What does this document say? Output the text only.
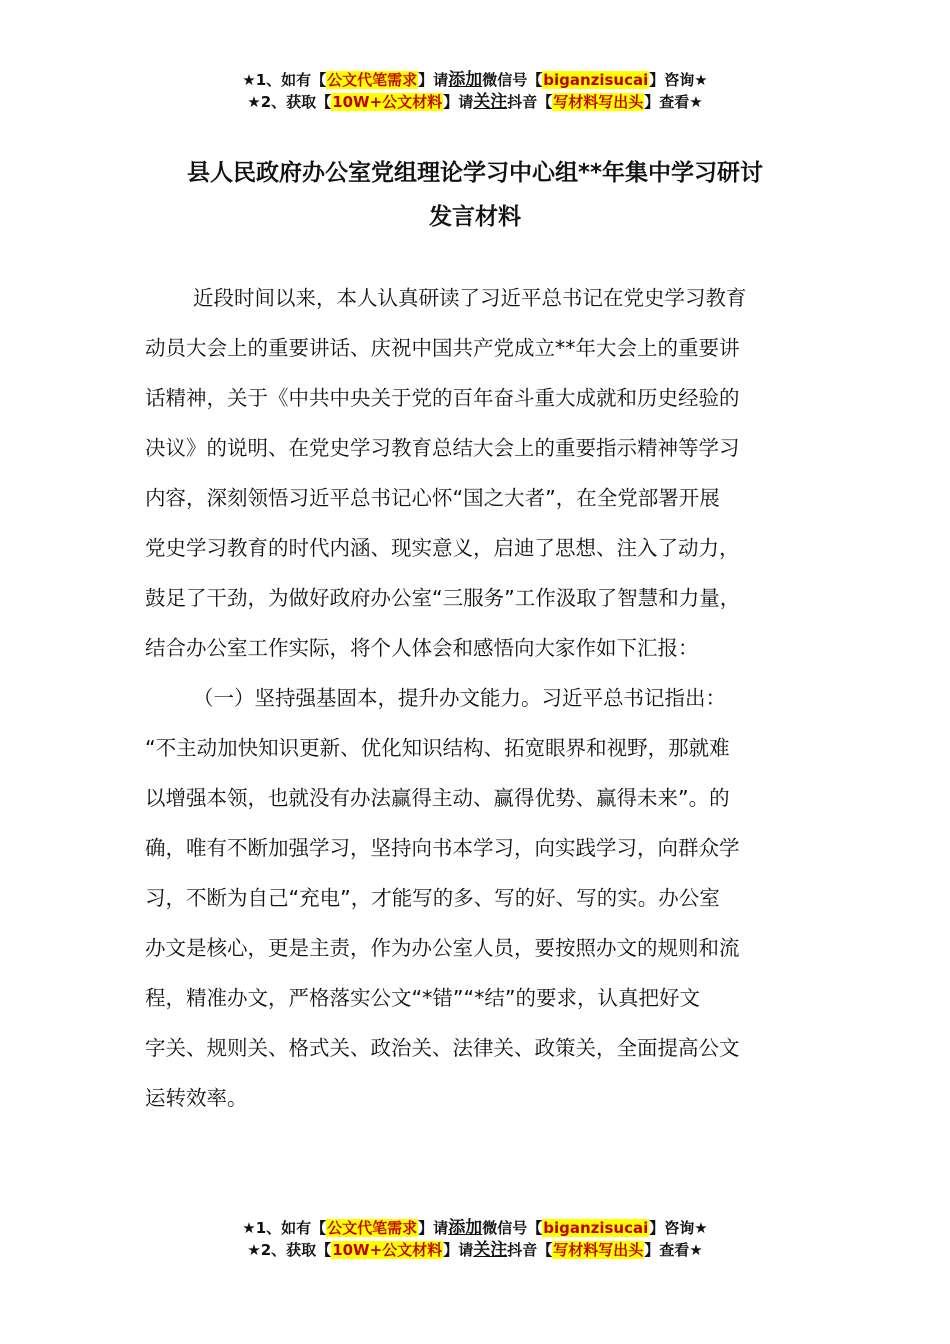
★1、如有【公文代笔需求】请添加微信号【biganzisucai】咨询★
★2、获取【10W+公文材料】请关注抖音【写材料写出头】查看★
县人民政府办公室党组理论学习中心组**年集中学习研讨
发言材料
近段时间以来，本人认真研读了习近平总书记在党史学习教育
动员大会上的重要讲话、庆祝中国共产党成立**年大会上的重要讲
话精神，关于《中共中央关于党的百年奋斗重大成就和历史经验的
决议》的说明、在党史学习教育总结大会上的重要指示精神等学习
内容，深刻领悟习近平总书记心怀“国之大者”，在全党部署开展
党史学习教育的时代内涵、现实意义，启迪了思想、注入了动力，
鼓足了干劲，为做好政府办公室“三服务”工作汲取了智慧和力量，
结合办公室工作实际，将个人体会和感悟向大家作如下汇报：
（一）坚持强基固本，提升办文能力。习近平总书记指出：
“不主动加快知识更新、优化知识结构、拓宽眼界和视野，那就难
以增强本领，也就没有办法赢得主动、赢得优势、赢得未来”。的
确，唯有不断加强学习，坚持向书本学习，向实践学习，向群众学
习，不断为自己“充电”，才能写的多、写的好、写的实。办公室
办文是核心，更是主责，作为办公室人员，要按照办文的规则和流
程，精准办文，严格落实公文“*错”“*结”的要求，认真把好文
字关、规则关、格式关、政治关、法律关、政策关，全面提高公文
运转效率。
★1、如有【公文代笔需求】请添加微信号【biganzisucai】咨询★
★2、获取【10W+公文材料】请关注抖音【写材料写出头】查看★
